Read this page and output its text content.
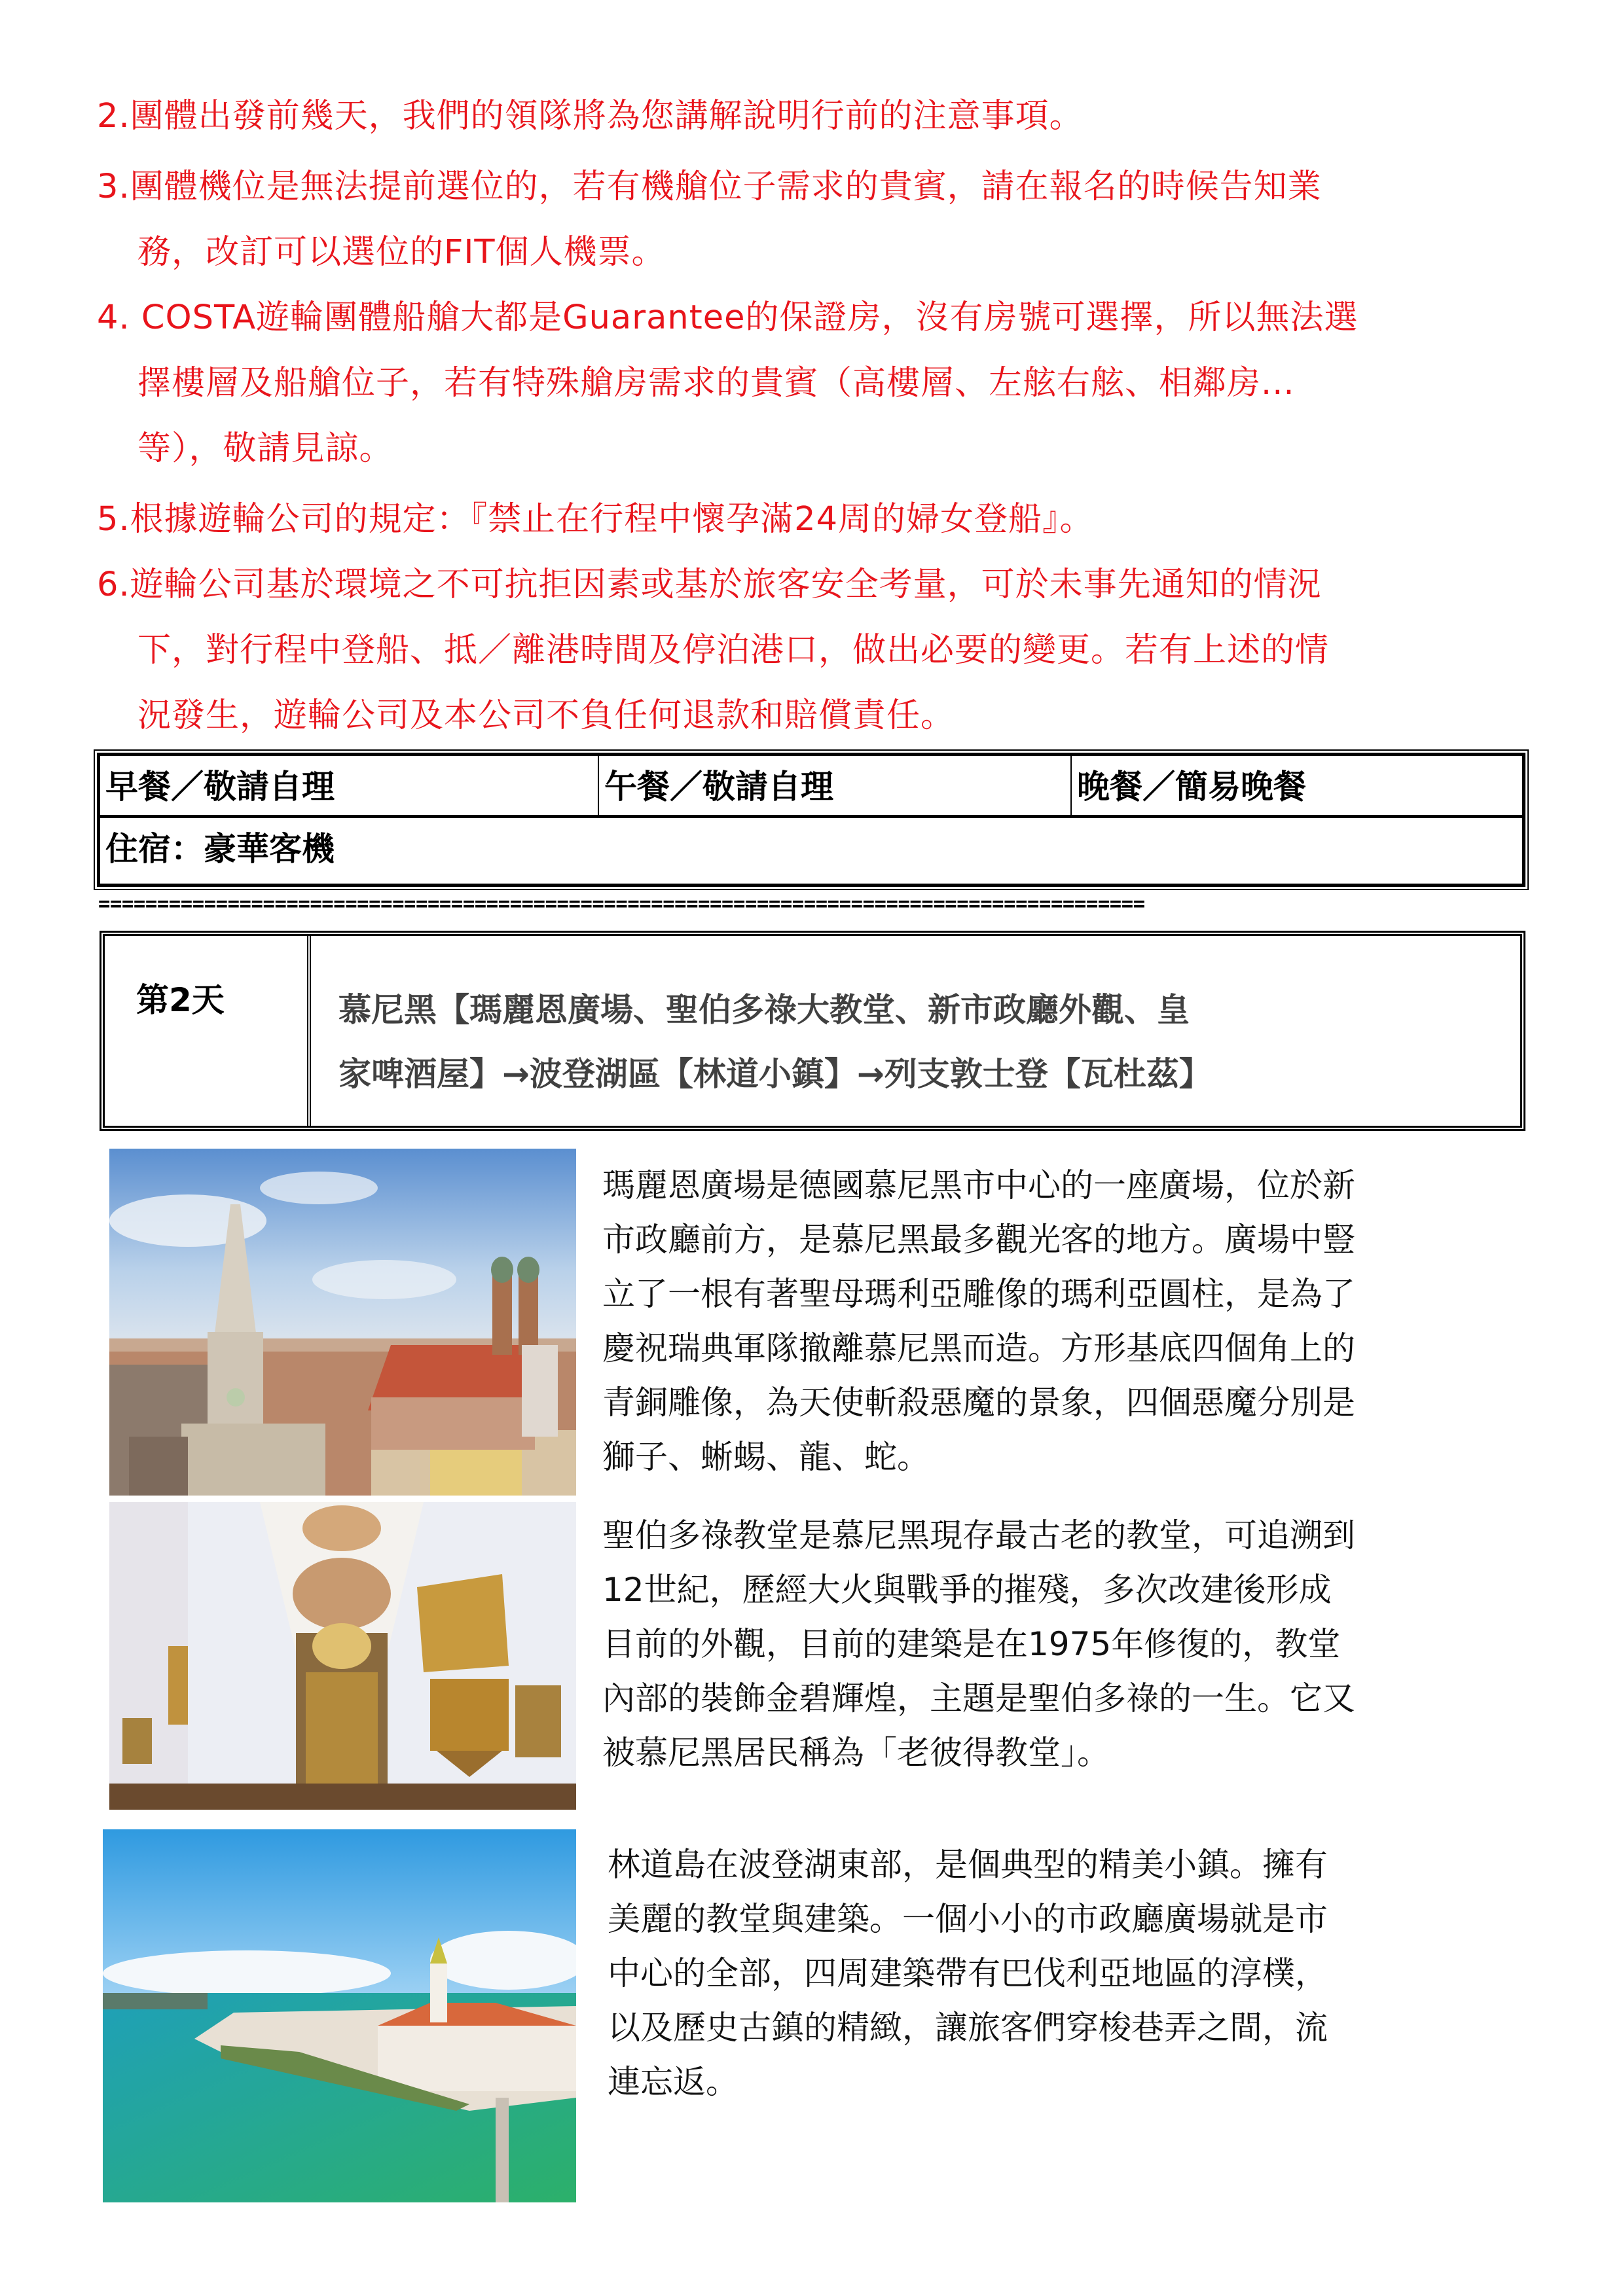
2.團體出發前幾天，我們的領隊將為您講解說明行前的注意事項。
3.團體機位是無法提前選位的，若有機艙位子需求的貴賓，請在報名的時候告知業
務，改訂可以選位的FIT個人機票。
4. COSTA遊輪團體船艙大都是Guarantee的保證房，沒有房號可選擇，所以無法選
擇樓層及船艙位子，若有特殊艙房需求的貴賓（高樓層、左舷右舷、相鄰房...
等），敬請見諒。
5.根據遊輪公司的規定：『禁止在行程中懷孕滿24周的婦女登船』。
6.遊輪公司基於環境之不可抗拒因素或基於旅客安全考量，可於未事先通知的情況
下，對行程中登船、抵／離港時間及停泊港口，做出必要的變更。若有上述的情
況發生，遊輪公司及本公司不負任何退款和賠償責任。
早餐／敬請自理	午餐／敬請自理	晚餐／簡易晚餐
住宿：豪華客機
=========================================================================================
第2天	慕尼黑【瑪麗恩廣場、聖伯多祿大教堂、新市政廳外觀、皇
家啤酒屋】→波登湖區【林道小鎮】→列支敦士登【瓦杜茲】
瑪麗恩廣場是德國慕尼黑市中心的一座廣場，位於新
市政廳前方，是慕尼黑最多觀光客的地方。廣場中豎
立了一根有著聖母瑪利亞雕像的瑪利亞圓柱，是為了
慶祝瑞典軍隊撤離慕尼黑而造。方形基底四個角上的
青銅雕像，為天使斬殺惡魔的景象，四個惡魔分別是
獅子、蜥蜴、龍、蛇。
聖伯多祿教堂是慕尼黑現存最古老的教堂，可追溯到
12世紀，歷經大火與戰爭的摧殘，多次改建後形成
目前的外觀，目前的建築是在1975年修復的，教堂
內部的裝飾金碧輝煌，主題是聖伯多祿的一生。它又
被慕尼黑居民稱為「老彼得教堂」。
林道島在波登湖東部，是個典型的精美小鎮。擁有
美麗的教堂與建築。一個小小的市政廳廣場就是市
中心的全部，四周建築帶有巴伐利亞地區的淳樸，
以及歷史古鎮的精緻，讓旅客們穿梭巷弄之間，流
連忘返。
